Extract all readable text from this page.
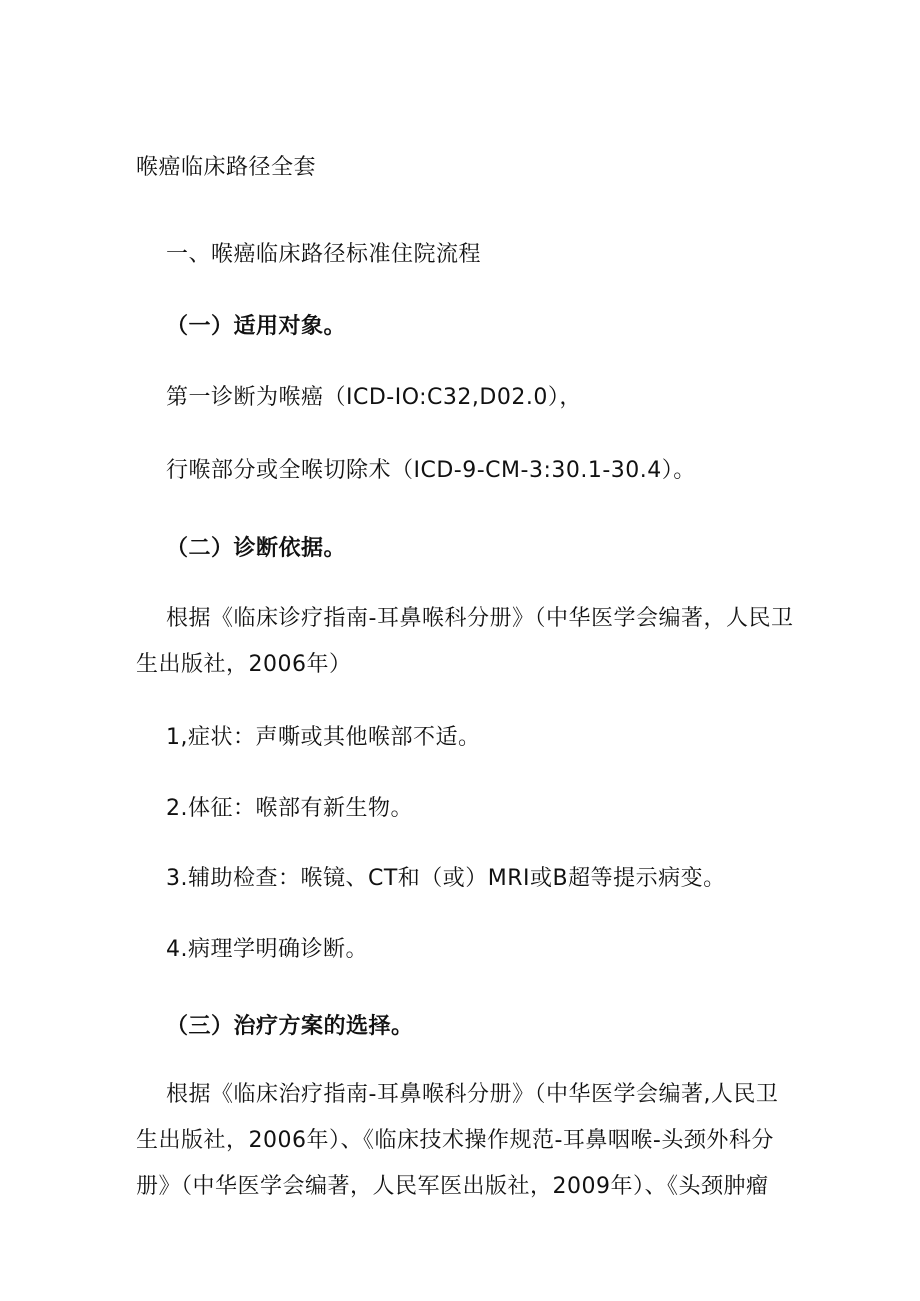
喉癌临床路径全套
一、喉癌临床路径标准住院流程
（一）适用对象。
第一诊断为喉癌（ICD-IO:C32,D02.0），
行喉部分或全喉切除术（ICD-9-CM-3:30.1-30.4）。
（二）诊断依据。
根据《临床诊疗指南-耳鼻喉科分册》（中华医学会编著，人民卫
生出版社，2006年）
1,症状：声嘶或其他喉部不适。
2.体征：喉部有新生物。
3.辅助检查：喉镜、CT和（或）MRI或B超等提示病变。
4.病理学明确诊断。
（三）治疗方案的选择。
根据《临床治疗指南-耳鼻喉科分册》（中华医学会编著,人民卫
生出版社，2006年）、《临床技术操作规范-耳鼻咽喉-头颈外科分
册》（中华医学会编著，人民军医出版社，2009年）、《头颈肿瘤
